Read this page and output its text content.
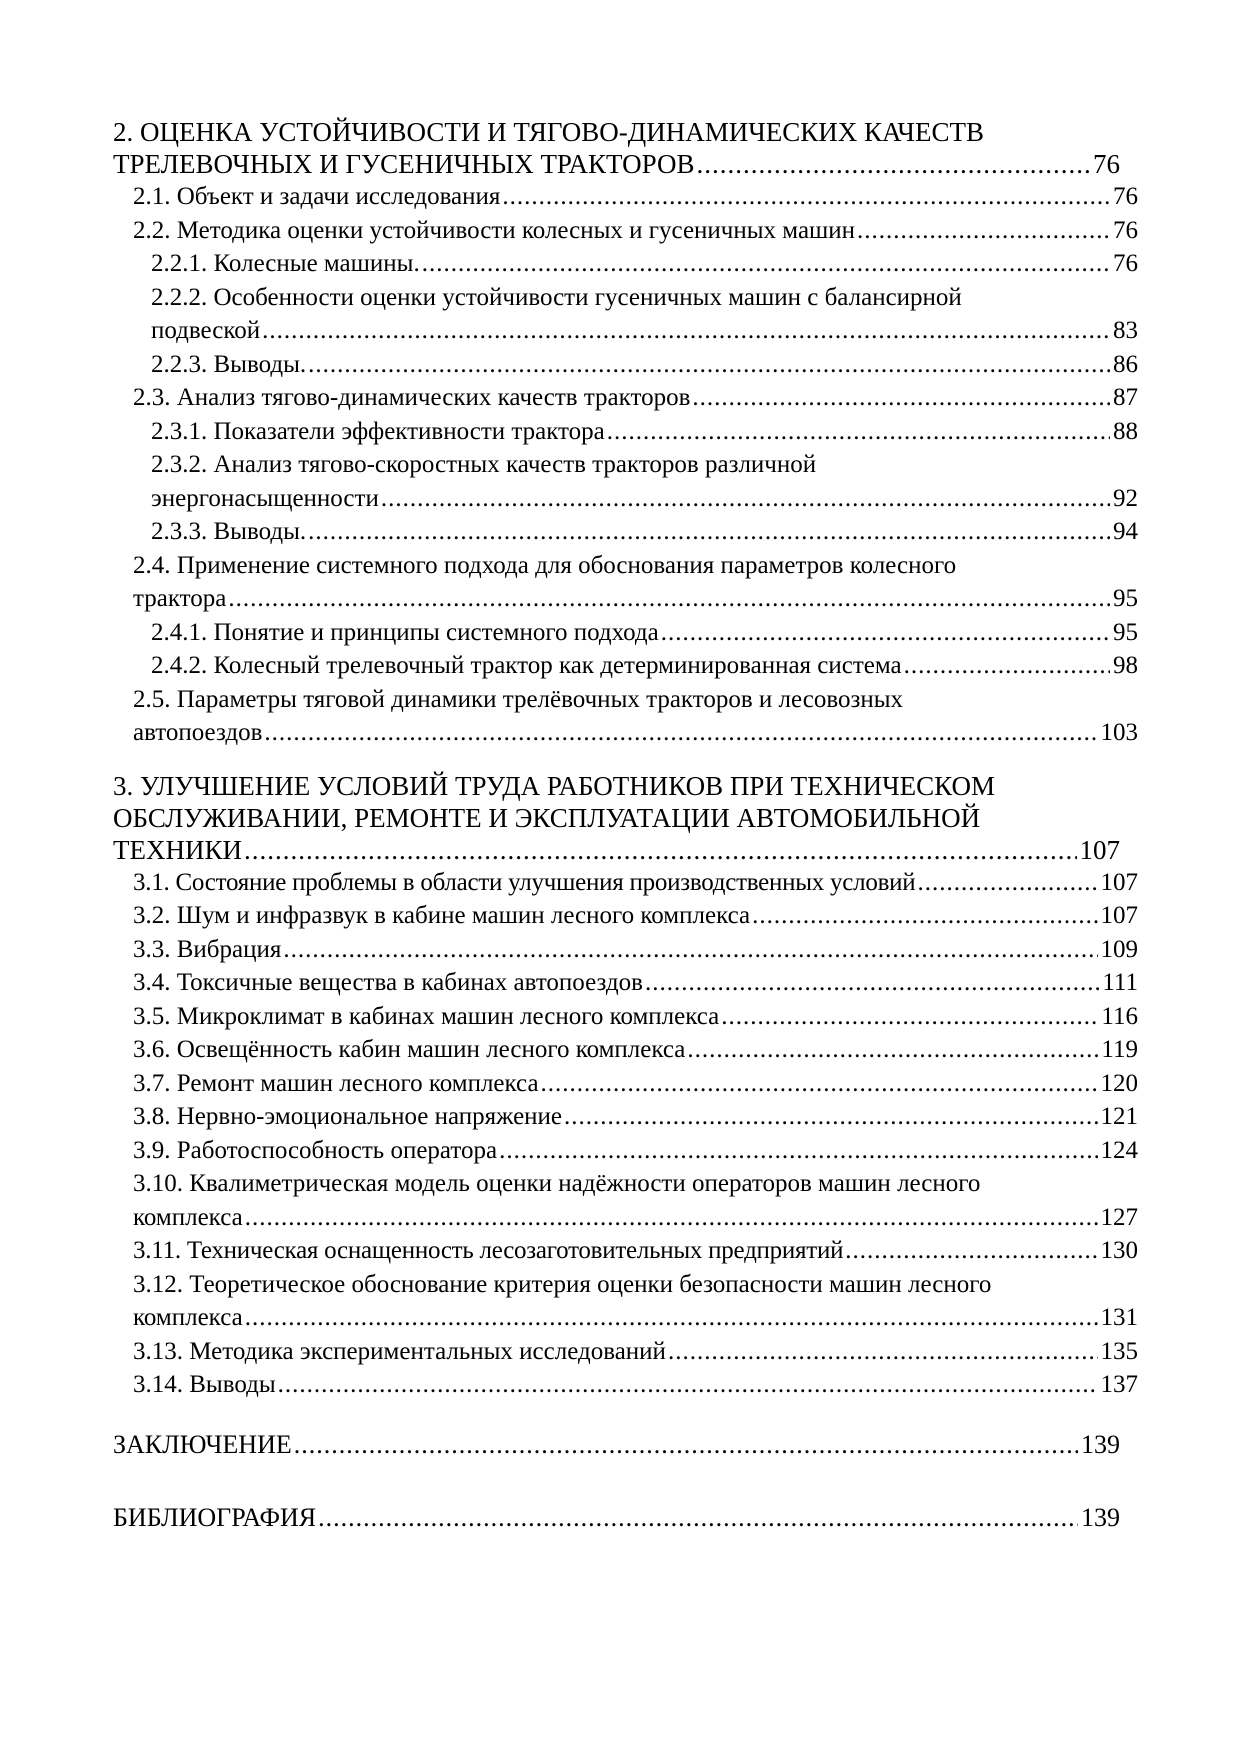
2. ОЦЕНКА УСТОЙЧИВОСТИ И ТЯГОВО-ДИНАМИЧЕСКИХ КАЧЕСТВ
ТРЕЛЕВОЧНЫХ И ГУСЕНИЧНЫХ ТРАКТОРОВ .....	76
2.1. Объект и задачи исследования .....	76
2.2. Методика оценки устойчивости колесных и гусеничных машин .....	76
2.2.1. Колесные машины. .....	76
2.2.2. Особенности оценки устойчивости гусеничных машин с балансирной
подвеской .....	83
2.2.3. Выводы. .....	86
2.3. Анализ тягово-динамических качеств тракторов .....	87
2.3.1. Показатели эффективности трактора .....	88
2.3.2. Анализ тягово-скоростных качеств тракторов различной
энергонасыщенности .....	92
2.3.3. Выводы. .....	94
2.4. Применение системного подхода для обоснования параметров колесного
трактора .....	95
2.4.1. Понятие и принципы системного подхода .....	95
2.4.2. Колесный трелевочный трактор как детерминированная система .....	98
2.5. Параметры тяговой динамики трелёвочных тракторов и лесовозных
автопоездов .....	103
3. УЛУЧШЕНИЕ УСЛОВИЙ ТРУДА РАБОТНИКОВ ПРИ ТЕХНИЧЕСКОМ
ОБСЛУЖИВАНИИ, РЕМОНТЕ И ЭКСПЛУАТАЦИИ АВТОМОБИЛЬНОЙ
ТЕХНИКИ .....	107
3.1. Состояние проблемы в области улучшения производственных условий .....	107
3.2. Шум и инфразвук в кабине машин лесного комплекса .....	107
3.3. Вибрация .....	109
3.4. Токсичные вещества в кабинах автопоездов .....	111
3.5. Микроклимат в кабинах машин лесного комплекса .....	116
3.6. Освещённость кабин машин лесного комплекса .....	119
3.7. Ремонт машин лесного комплекса .....	120
3.8. Нервно-эмоциональное напряжение .....	121
3.9. Работоспособность оператора .....	124
3.10. Квалиметрическая модель оценки надёжности операторов машин лесного
комплекса .....	127
3.11. Техническая оснащенность лесозаготовительных предприятий .....	130
3.12. Теоретическое обоснование критерия оценки безопасности машин лесного
комплекса .....	131
3.13. Методика экспериментальных исследований .....	135
3.14. Выводы .....	137
ЗАКЛЮЧЕНИЕ .....	139
БИБЛИОГРАФИЯ .....	139
